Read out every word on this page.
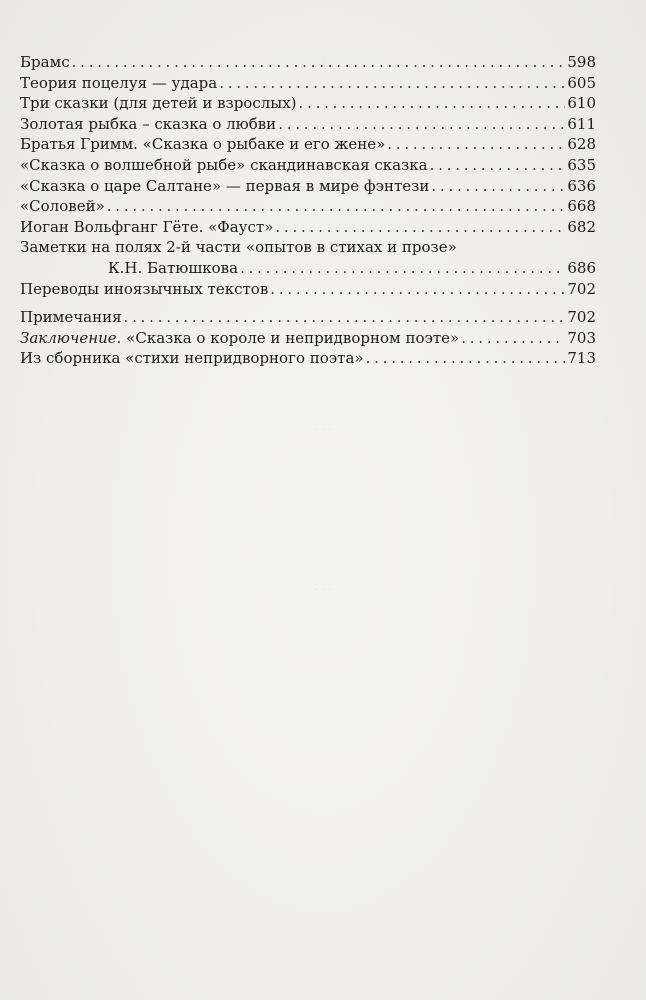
.
. . .
. . .
Брамс . . .	598
Теория поцелуя — удара . . .	605
Три сказки (для детей и взрослых) . . .	610
Золотая рыбка – сказка о любви . . .	611
Братья Гримм. «Сказка о рыбаке и его жене» . . .	628
«Сказка о волшебной рыбе» скандинавская сказка . . .	635
«Сказка о царе Салтане» — первая в мире фэнтези . . .	636
«Соловей» . . .	668
Иоган Вольфганг Гёте. «Фауст» . . .	682
Заметки на полях 2-й части «опытов в стихах и прозе»
К.Н. Батюшкова . . .	686
Переводы иноязычных текстов . . .	702
Примечания . . .	702
Заключение. «Сказка о короле и непридворном поэте» . . .	703
Из сборника «стихи непридворного поэта» . . .	713
